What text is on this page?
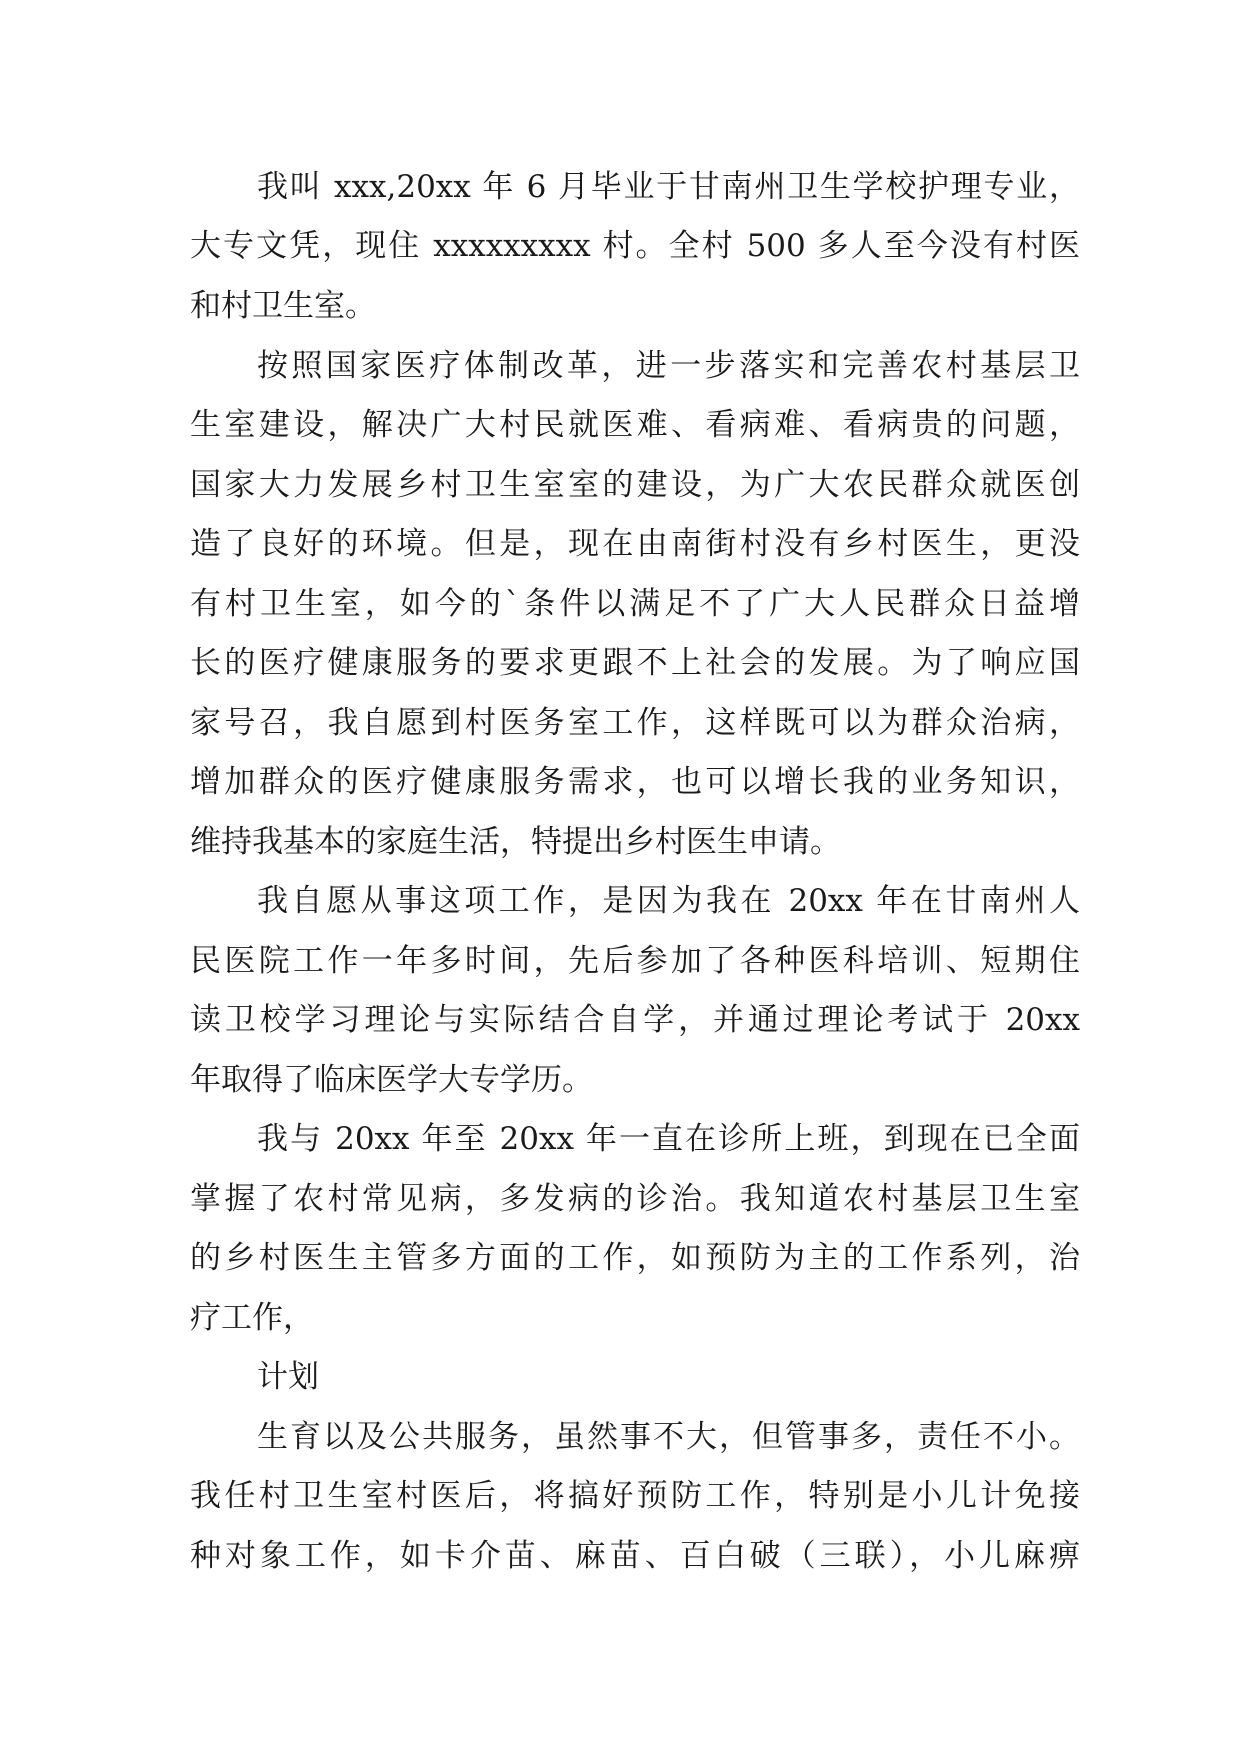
我叫 xxx,20xx 年 6 月毕业于甘南州卫生学校护理专业，
大专文凭，现住 xxxxxxxxx 村。全村 500 多人至今没有村医
和村卫生室。
按照国家医疗体制改革，进一步落实和完善农村基层卫
生室建设，解决广大村民就医难、看病难、看病贵的问题，
国家大力发展乡村卫生室室的建设，为广大农民群众就医创
造了良好的环境。但是，现在由南街村没有乡村医生，更没
有村卫生室，如今的`条件以满足不了广大人民群众日益增
长的医疗健康服务的要求更跟不上社会的发展。为了响应国
家号召，我自愿到村医务室工作，这样既可以为群众治病，
增加群众的医疗健康服务需求，也可以增长我的业务知识，
维持我基本的家庭生活，特提出乡村医生申请。
我自愿从事这项工作，是因为我在 20xx 年在甘南州人
民医院工作一年多时间，先后参加了各种医科培训、短期住
读卫校学习理论与实际结合自学，并通过理论考试于 20xx
年取得了临床医学大专学历。
我与 20xx 年至 20xx 年一直在诊所上班，到现在已全面
掌握了农村常见病，多发病的诊治。我知道农村基层卫生室
的乡村医生主管多方面的工作，如预防为主的工作系列，治
疗工作，
计划
生育以及公共服务，虽然事不大，但管事多，责任不小。
我任村卫生室村医后，将搞好预防工作，特别是小儿计免接
种对象工作，如卡介苗、麻苗、百白破（三联），小儿麻痹
